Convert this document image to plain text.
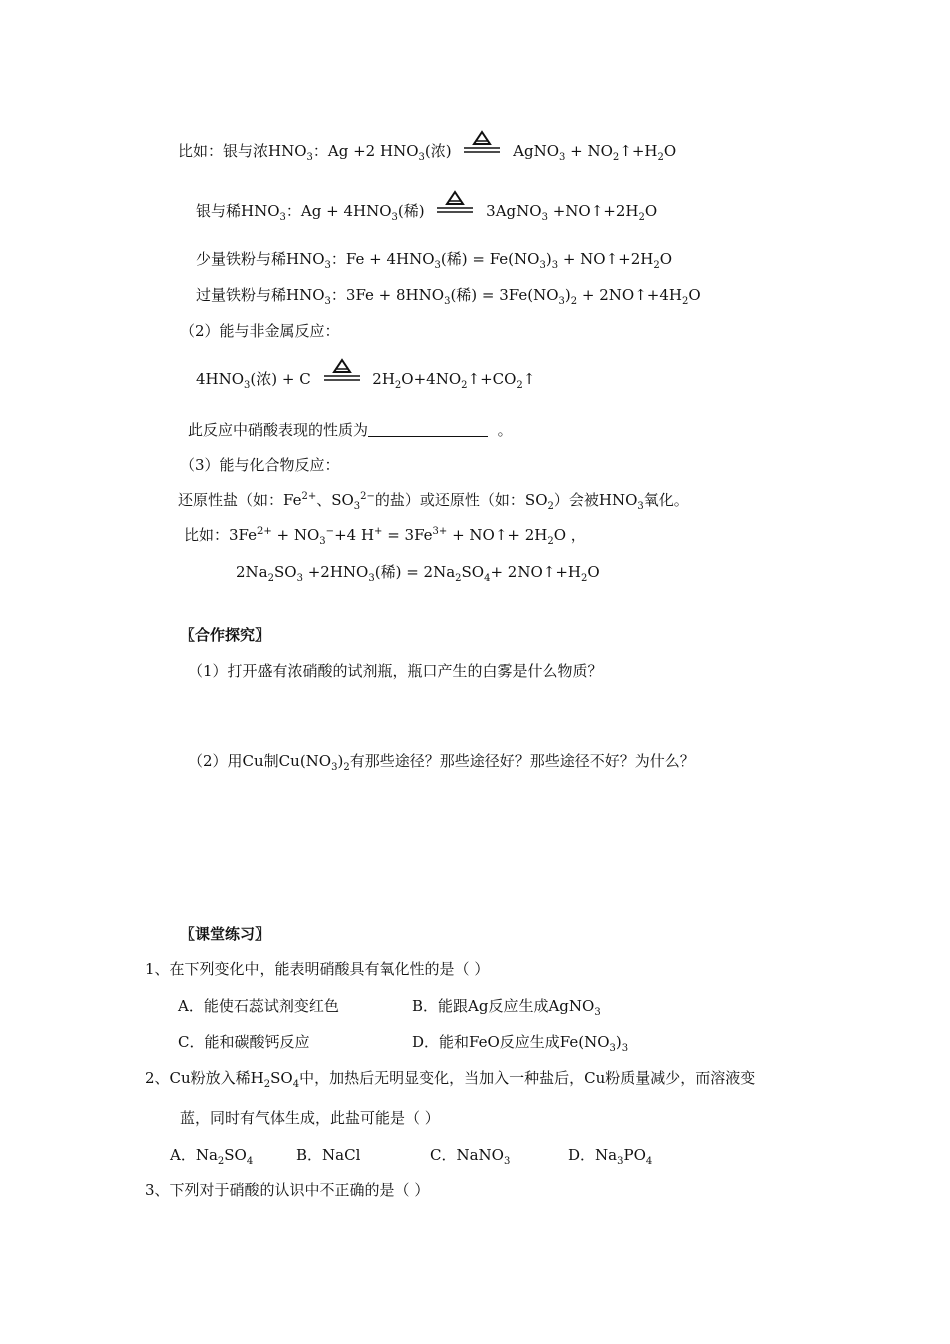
比如：银与浓$HNO_3$：Ag +2 $HNO_3$(浓)	AgNO$_3$ + $NO_2↑+H_2O$
银与稀$HNO_3$：$Ag + 4HNO_3$(稀)	3AgNO$_3$ $+NO↑+2H_2O$
少量铁粉与稀$HNO_3$：$Fe + 4HNO_3$(稀) = $Fe(NO_3)_3$ + $NO↑+2H_2O$
过量铁粉与稀$HNO_3$：$3Fe + 8HNO_3$(稀) = $3Fe(NO_3)_2$ + $2NO↑+4H_2O$
（2）能与非金属反应：
$4HNO_3$(浓) + C	$2H_2O+4NO_2↑+CO_2↑$
此反应中硝酸表现的性质为	。
（3）能与化合物反应：
还原性盐（如：$Fe^{2+}$、$SO_3^{2-}$的盐）或还原性（如：$SO_2$）会被$HNO_3$氧化。
比如：$3Fe^{2+} + NO_3^-+4$ $H^+ = 3Fe^{3+}$ + NO↑+ $2H_2O$ ，
$2Na_2SO_3 +2HNO_3$(稀) = $2Na_2SO_4+$ $2NO↑+H_2O$
〖合作探究〗
（1）打开盛有浓硝酸的试剂瓶，瓶口产生的白雾是什么物质？
（2）用Cu制$Cu(NO_3)_2$有那些途径？那些途径好？那些途径不好？为什么？
〖课堂练习〗
1、在下列变化中，能表明硝酸具有氧化性的是（ ）
A．能使石蕊试剂变红色	B．能跟Ag反应生成AgNO$_3$
C．能和碳酸钙反应	D．能和FeO反应生成$Fe(NO_3)_3$
2、Cu粉放入稀$H_2SO_4$中，加热后无明显变化，当加入一种盐后，Cu粉质量减少，而溶液变
蓝，同时有气体生成，此盐可能是（ ）
A．$Na_2SO_4$	B．NaCl	C．NaNO$_3$	D．$Na_3PO_4$
3、下列对于硝酸的认识中不正确的是（ ）
